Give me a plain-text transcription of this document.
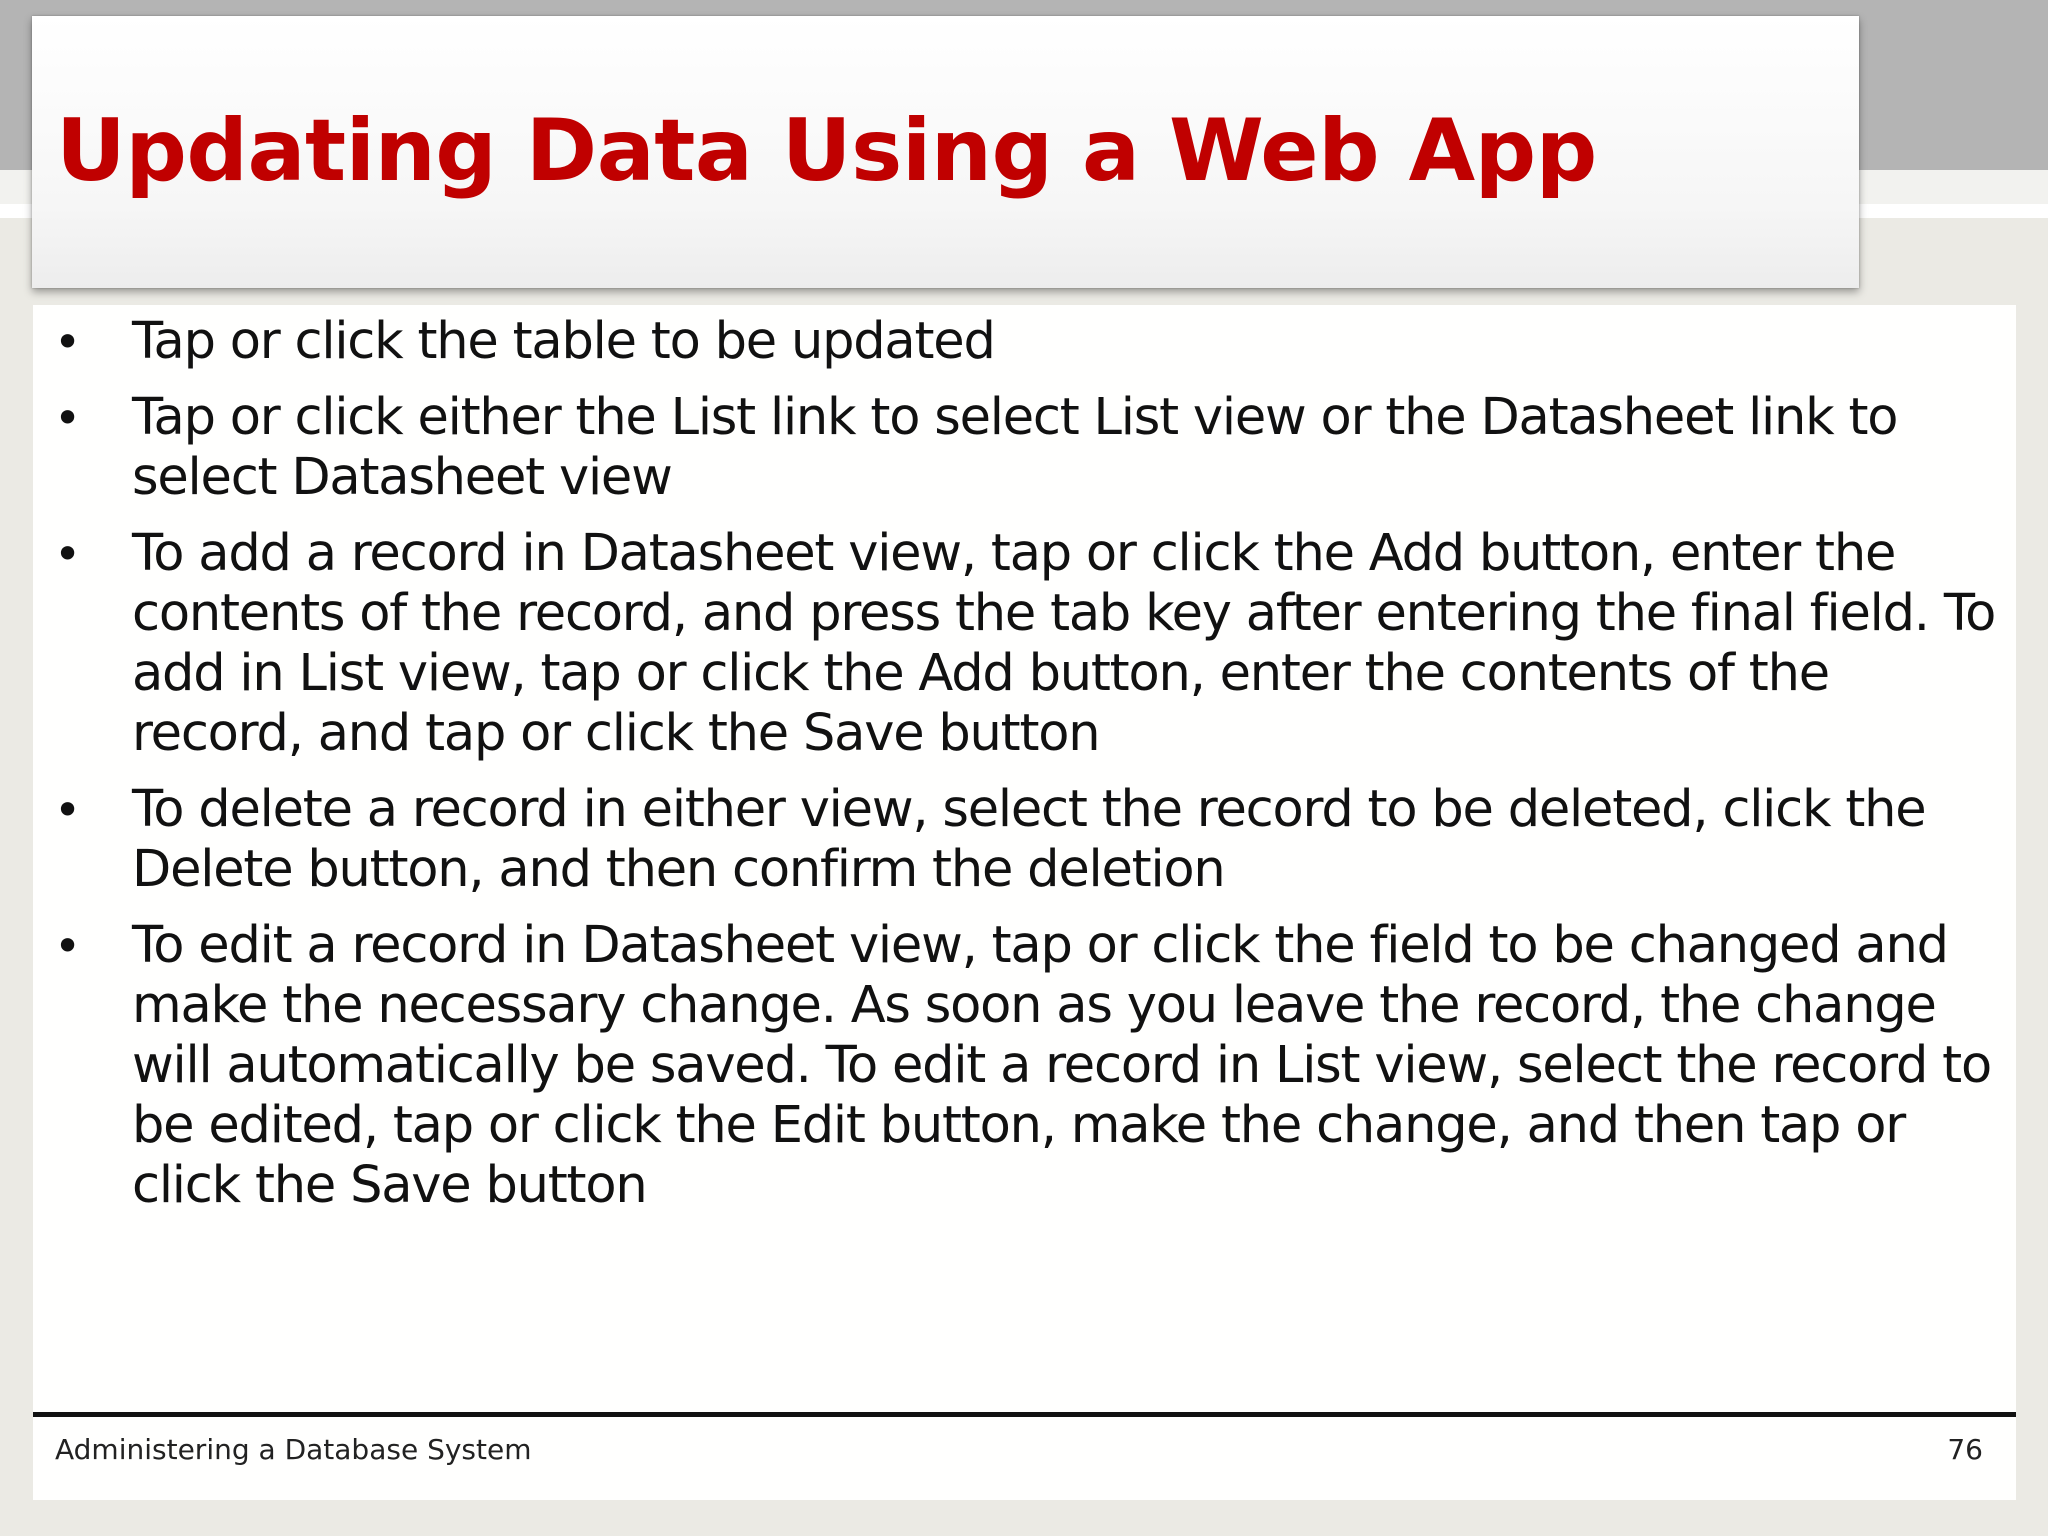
Updating Data Using a Web App
• Tap or click the table to be updated
• Tap or click either the List link to select List view or the Datasheet link to select Datasheet view
• To add a record in Datasheet view, tap or click the Add button, enter the contents of the record, and press the tab key after entering the final field. To add in List view, tap or click the Add button, enter the contents of the record, and tap or click the Save button
• To delete a record in either view, select the record to be deleted, click the Delete button, and then confirm the deletion
• To edit a record in Datasheet view, tap or click the field to be changed and make the necessary change. As soon as you leave the record, the change will automatically be saved. To edit a record in List view, select the record to be edited, tap or click the Edit button, make the change, and then tap or click the Save button
Administering a Database System	76
